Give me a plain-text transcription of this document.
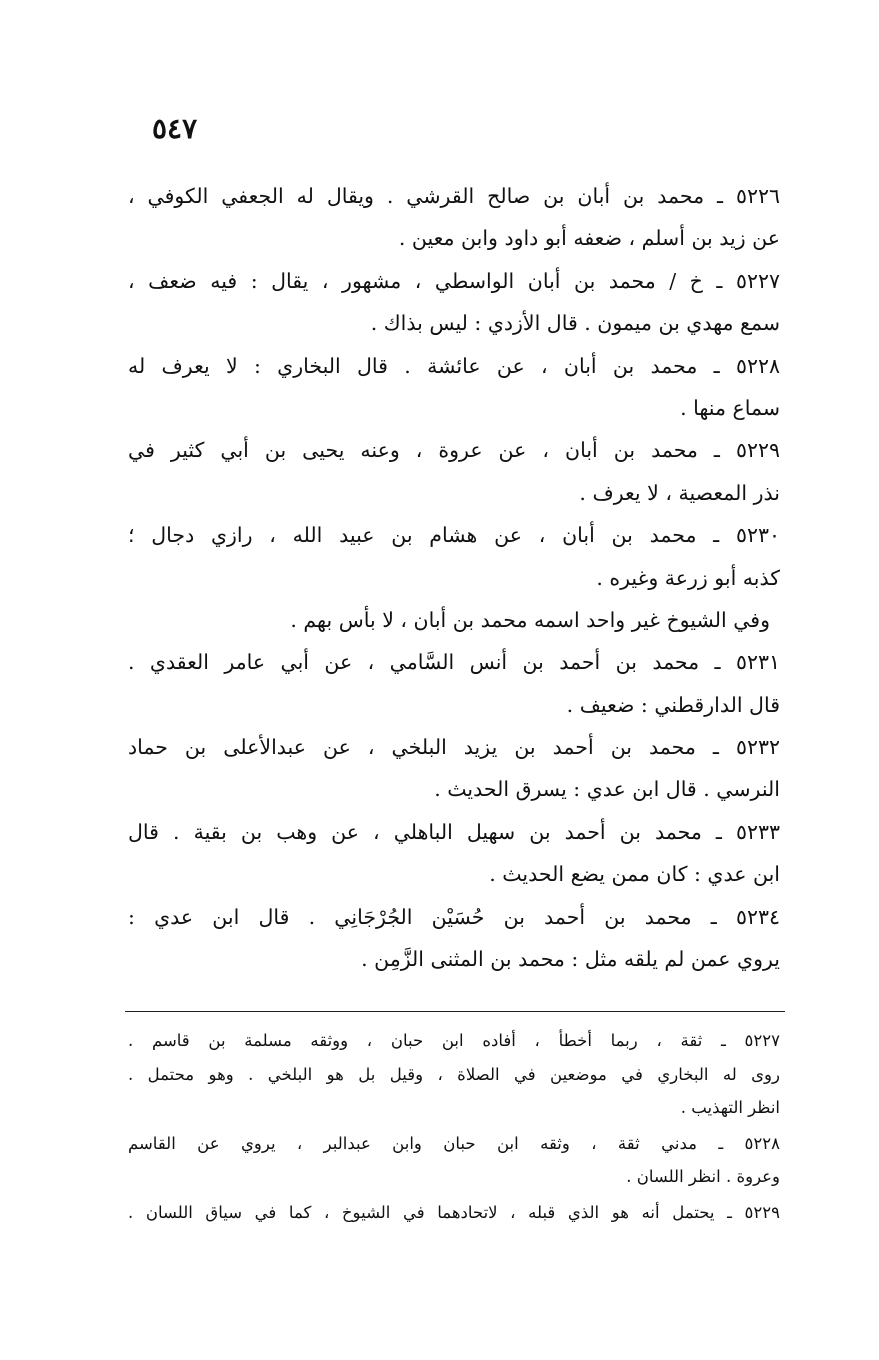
٥٤٧
٥٢٢٦ ـ محمد بن أبان بن صالح القرشي . ويقال له الجعفي الكوفي ،
عن زيد بن أسلم ، ضعفه أبو داود وابن معين .
٥٢٢٧ ـ خ / محمد بن أبان الواسطي ، مشهور ، يقال : فيه ضعف ،
سمع مهدي بن ميمون . قال الأزدي : ليس بذاك .
٥٢٢٨ ـ محمد بن أبان ، عن عائشة . قال البخاري : لا يعرف له
سماع منها .
٥٢٢٩ ـ محمد بن أبان ، عن عروة ، وعنه يحيى بن أبي كثير في
نذر المعصية ، لا يعرف .
٥٢٣٠ ـ محمد بن أبان ، عن هشام بن عبيد الله ، رازي دجال ؛
كذبه أبو زرعة وغيره .
وفي الشيوخ غير واحد اسمه محمد بن أبان ، لا بأس بهم .
٥٢٣١ ـ محمد بن أحمد بن أنس السَّامي ، عن أبي عامر العقدي .
قال الدارقطني : ضعيف .
٥٢٣٢ ـ محمد بن أحمد بن يزيد البلخي ، عن عبدالأعلى بن حماد
النرسي . قال ابن عدي : يسرق الحديث .
٥٢٣٣ ـ محمد بن أحمد بن سهيل الباهلي ، عن وهب بن بقية . قال
ابن عدي : كان ممن يضع الحديث .
٥٢٣٤ ـ محمد بن أحمد بن حُسَيْن الجُرْجَانِي . قال ابن عدي :
يروي عمن لم يلقه مثل : محمد بن المثنى الزَّمِن .
٥٢٢٧ ـ ثقة ، ربما أخطأ ، أفاده ابن حبان ، ووثقه مسلمة بن قاسم .
روى له البخاري في موضعين في الصلاة ، وقيل بل هو البلخي . وهو محتمل .
انظر التهذيب .
٥٢٢٨ ـ مدني ثقة ، وثقه ابن حبان وابن عبدالبر ، يروي عن القاسم
وعروة . انظر اللسان .
٥٢٢٩ ـ يحتمل أنه هو الذي قبله ، لاتحادهما في الشيوخ ، كما في سياق اللسان .
